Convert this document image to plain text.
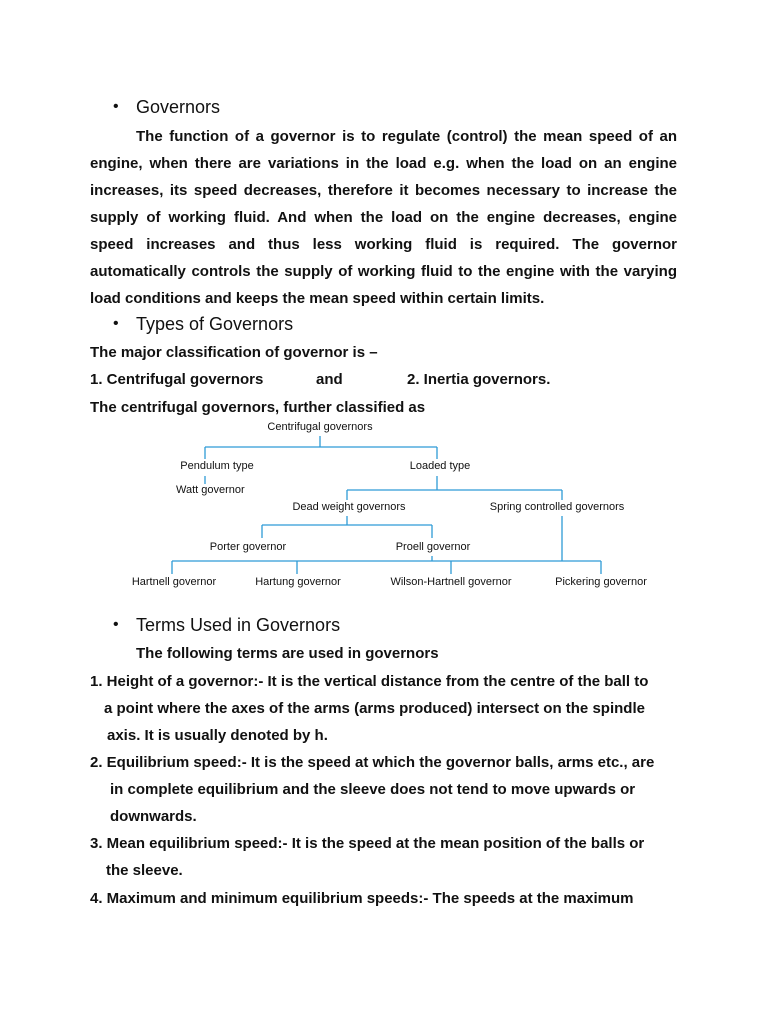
• Governors
The function of a governor is to regulate (control) the mean speed of an engine, when there are variations in the load e.g. when the load on an engine increases, its speed decreases, therefore it becomes necessary to increase the supply of working fluid. And when the load on the engine decreases, engine speed increases and thus less working fluid is required. The governor automatically controls the supply of working fluid to the engine with the varying load conditions and keeps the mean speed within certain limits.
• Types of Governors
The major classification of governor is –
1. Centrifugal governors	and	2. Inertia governors.
The centrifugal governors, further classified as
Centrifugal governors
Pendulum type
Watt governor
Loaded type
Dead weight governors	Spring controlled governors
Porter governor	Proell governor
Hartnell governor	Hartung governor	Wilson-Hartnell governor	Pickering governor
• Terms Used in Governors
The following terms are used in governors
1. Height of a governor:- It is the vertical distance from the centre of the ball to
a point where the axes of the arms (arms produced) intersect on the spindle
axis. It is usually denoted by h.
2. Equilibrium speed:- It is the speed at which the governor balls, arms etc., are
in complete equilibrium and the sleeve does not tend to move upwards or
downwards.
3. Mean equilibrium speed:- It is the speed at the mean position of the balls or
the sleeve.
4. Maximum and minimum equilibrium speeds:- The speeds at the maximum
